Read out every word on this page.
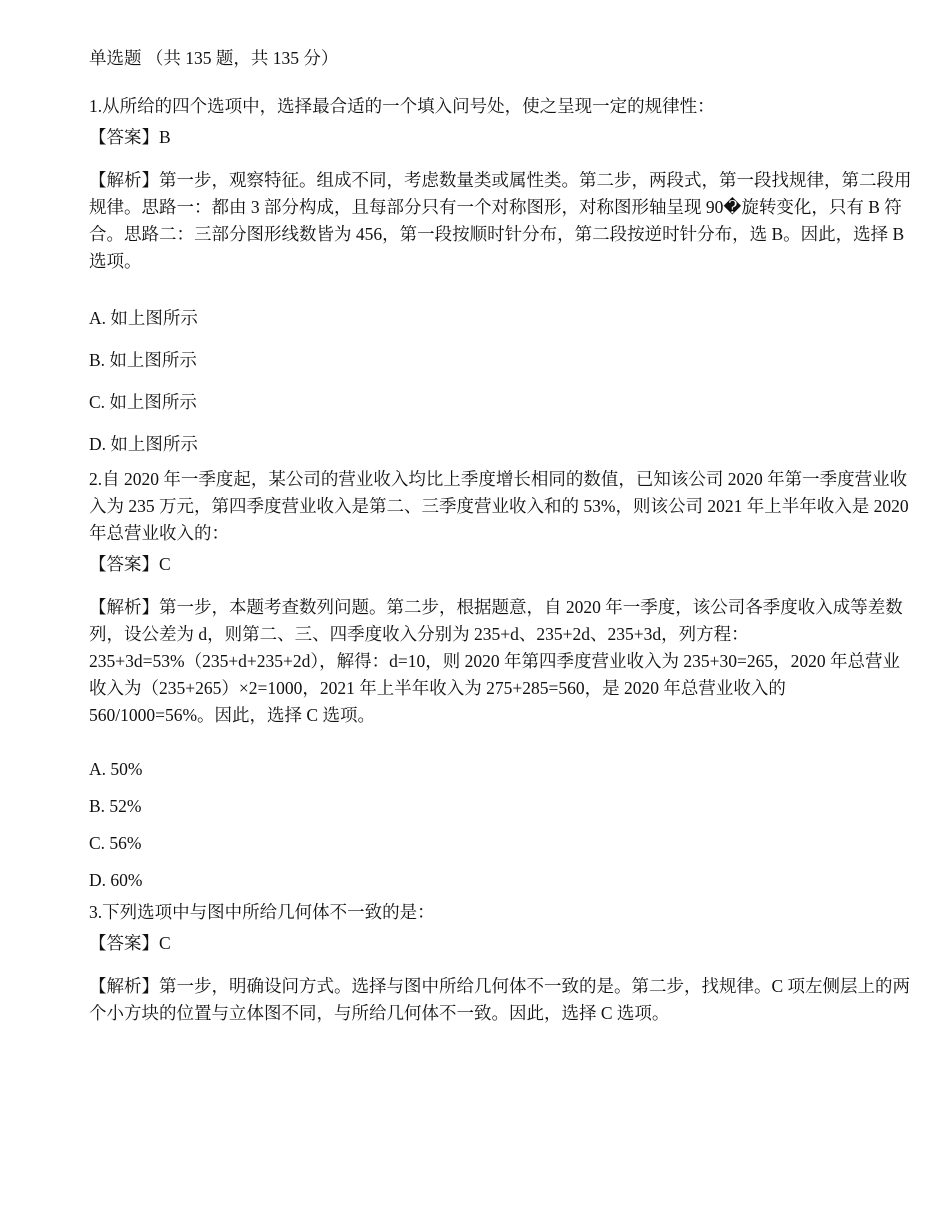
单选题 （共 135 题，共 135 分）
1.从所给的四个选项中，选择最合适的一个填入问号处，使之呈现一定的规律性：
【答案】B
【解析】第一步，观察特征。组成不同，考虑数量类或属性类。第二步，两段式，第一段找规律，第二段用规律。思路一：都由 3 部分构成，且每部分只有一个对称图形，对称图形轴呈现 90�旋转变化，只有 B 符合。思路二：三部分图形线数皆为 456，第一段按顺时针分布，第二段按逆时针分布，选 B。因此，选择 B 选项。
A. 如上图所示
B. 如上图所示
C. 如上图所示
D. 如上图所示
2.自 2020 年一季度起，某公司的营业收入均比上季度增长相同的数值，已知该公司 2020 年第一季度营业收入为 235 万元，第四季度营业收入是第二、三季度营业收入和的 53%，则该公司 2021 年上半年收入是 2020 年总营业收入的：
【答案】C
【解析】第一步，本题考查数列问题。第二步，根据题意，自 2020 年一季度，该公司各季度收入成等差数列，设公差为 d，则第二、三、四季度收入分别为 235+d、235+2d、235+3d，列方程：235+3d=53%（235+d+235+2d），解得：d=10，则 2020 年第四季度营业收入为 235+30=265，2020 年总营业收入为（235+265）×2=1000，2021 年上半年收入为 275+285=560，是 2020 年总营业收入的 560/1000=56%。因此，选择 C 选项。
A. 50%
B. 52%
C. 56%
D. 60%
3.下列选项中与图中所给几何体不一致的是：
【答案】C
【解析】第一步，明确设问方式。选择与图中所给几何体不一致的是。第二步，找规律。C 项左侧层上的两个小方块的位置与立体图不同，与所给几何体不一致。因此，选择 C 选项。
